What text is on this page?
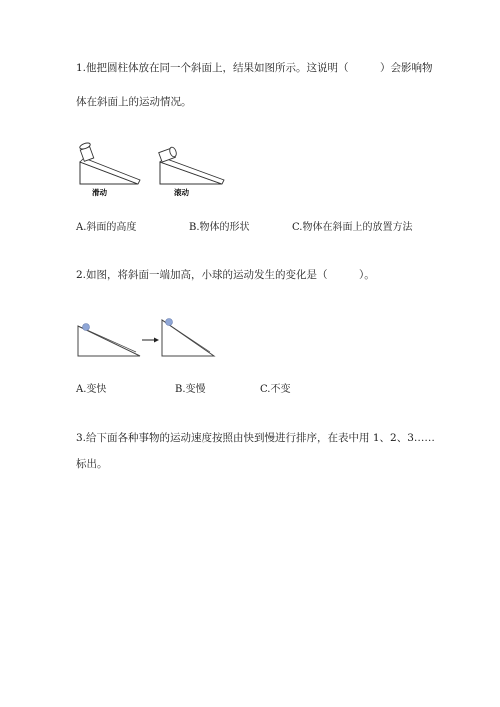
1.他把圆柱体放在同一个斜面上，结果如图所示。这说明（　　　）会影响物
体在斜面上的运动情况。
滑动	滚动
A.斜面的高度	B.物体的形状	C.物体在斜面上的放置方法
2.如图，将斜面一端加高，小球的运动发生的变化是（　　　）。
A.变快	B.变慢	C.不变
3.给下面各种事物的运动速度按照由快到慢进行排序，在表中用 1、2、3……
标出。
